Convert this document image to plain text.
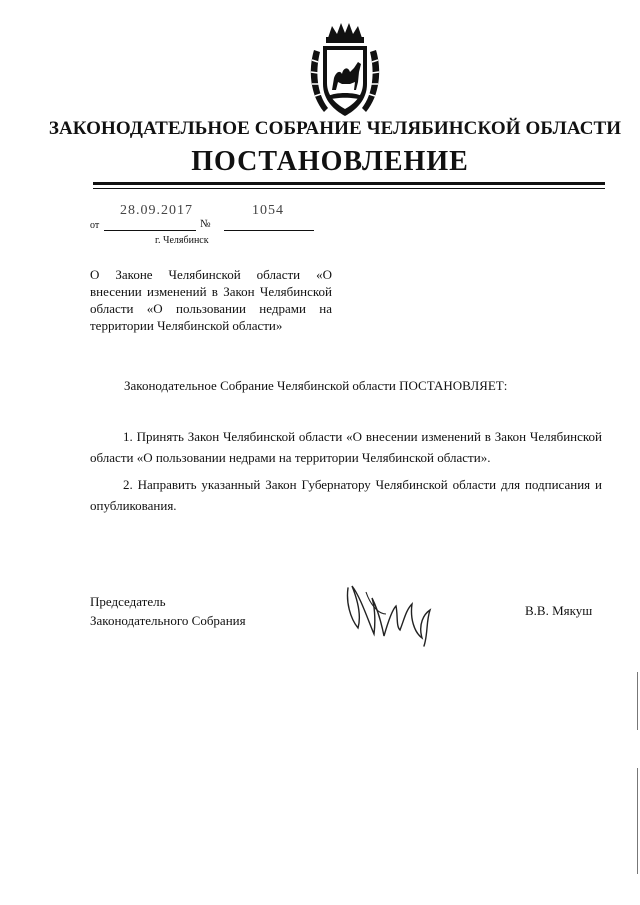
ЗАКОНОДАТЕЛЬНОЕ СОБРАНИЕ ЧЕЛЯБИНСКОЙ ОБЛАСТИ
ПОСТАНОВЛЕНИЕ
от
28.09.2017
№
1054
г. Челябинск
О Законе Челябинской области «О внесении изменений в Закон Челябинской области «О пользовании недрами на территории Челябинской области»
Законодательное Собрание Челябинской области ПОСТАНОВЛЯЕТ:
1. Принять Закон Челябинской области «О внесении изменений в Закон Челябинской области «О пользовании недрами на территории Челябинской области».
2. Направить указанный Закон Губернатору Челябинской области для подписания и опубликования.
Председатель
Законодательного Собрания
В.В. Мякуш
